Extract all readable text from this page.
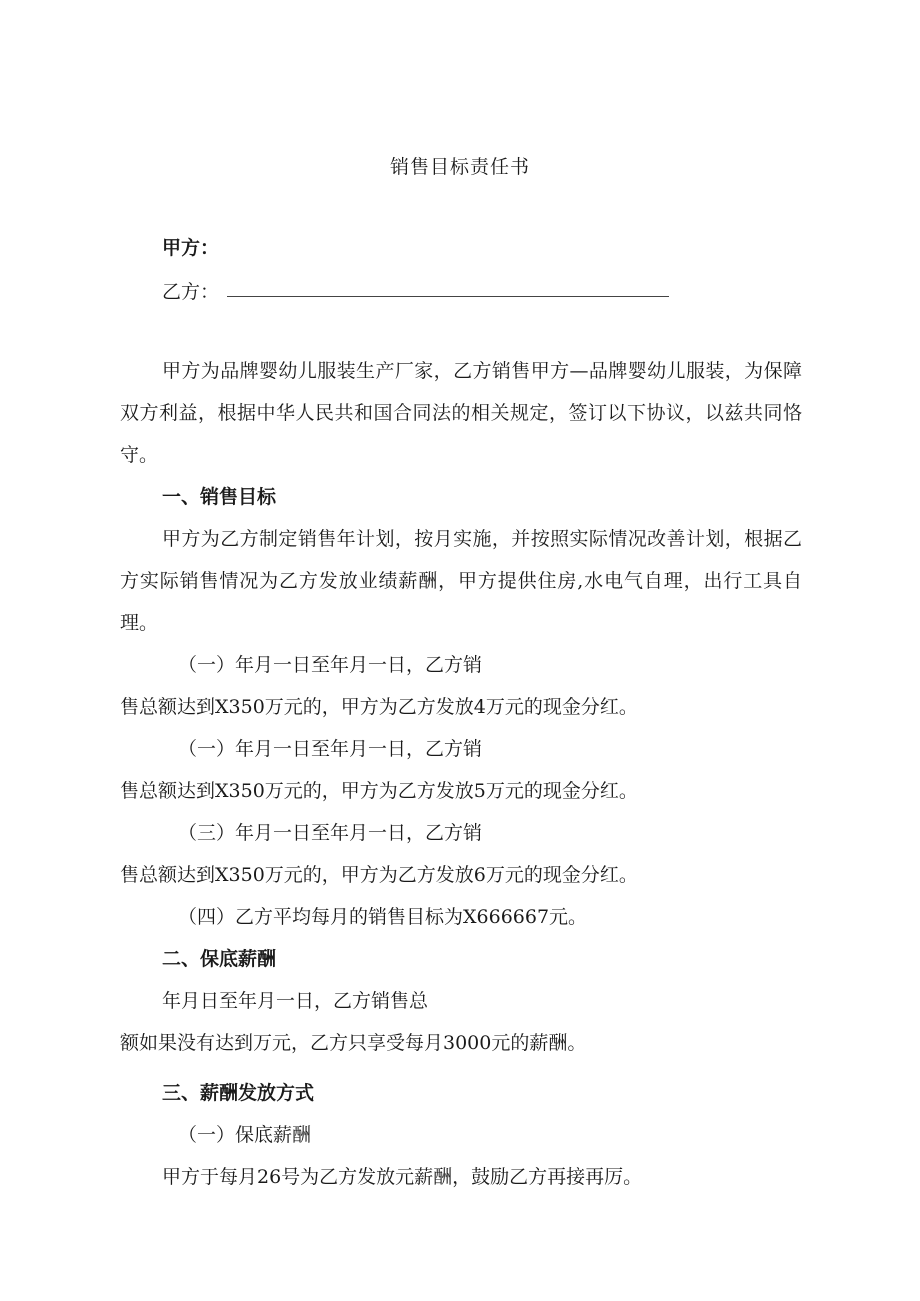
销售目标责任书
甲方：
乙方：

甲方为品牌婴幼儿服装生产厂家，乙方销售甲方—品牌婴幼儿服装，为保障双方利益，根据中华人民共和国合同法的相关规定，签订以下协议，以兹共同恪守。

一、销售目标

甲方为乙方制定销售年计划，按月实施，并按照实际情况改善计划，根据乙方实际销售情况为乙方发放业绩薪酬，甲方提供住房,水电气自理，出行工具自理。

（一）年月一日至年月一日，乙方销

售总额达到X350万元的，甲方为乙方发放4万元的现金分红。

（一）年月一日至年月一日，乙方销

售总额达到X350万元的，甲方为乙方发放5万元的现金分红。

（三）年月一日至年月一日，乙方销

售总额达到X350万元的，甲方为乙方发放6万元的现金分红。

（四）乙方平均每月的销售目标为X666667元。

二、保底薪酬

年月日至年月一日，乙方销售总

额如果没有达到万元，乙方只享受每月3000元的薪酬。

三、薪酬发放方式

（一）保底薪酬

甲方于每月26号为乙方发放元薪酬，鼓励乙方再接再厉。
